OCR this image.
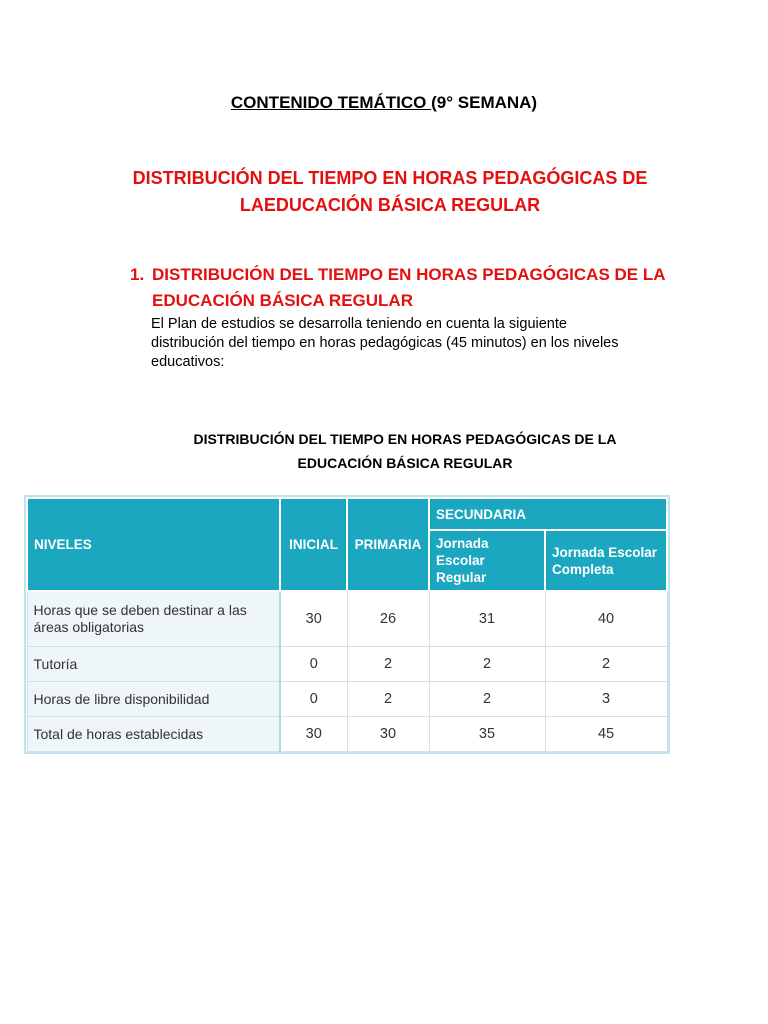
CONTENIDO TEMÁTICO (9° SEMANA)
DISTRIBUCIÓN DEL TIEMPO EN HORAS PEDAGÓGICAS DE
LAEDUCACIÓN BÁSICA REGULAR
1. DISTRIBUCIÓN DEL TIEMPO EN HORAS PEDAGÓGICAS DE LA
EDUCACIÓN BÁSICA REGULAR
El Plan de estudios se desarrolla teniendo en cuenta la siguiente
distribución del tiempo en horas pedagógicas (45 minutos) en los niveles
educativos:
DISTRIBUCIÓN DEL TIEMPO EN HORAS PEDAGÓGICAS DE LA
EDUCACIÓN BÁSICA REGULAR
NIVELES	INICIAL	PRIMARIA	SECUNDARIA	
			Jornada Escolar Regular	Jornada Escolar Completa
Horas que se deben destinar a las áreas obligatorias	30	26	31	40
Tutoría	0	2	2	2
Horas de libre disponibilidad	0	2	2	3
Total de horas establecidas	30	30	35	45
